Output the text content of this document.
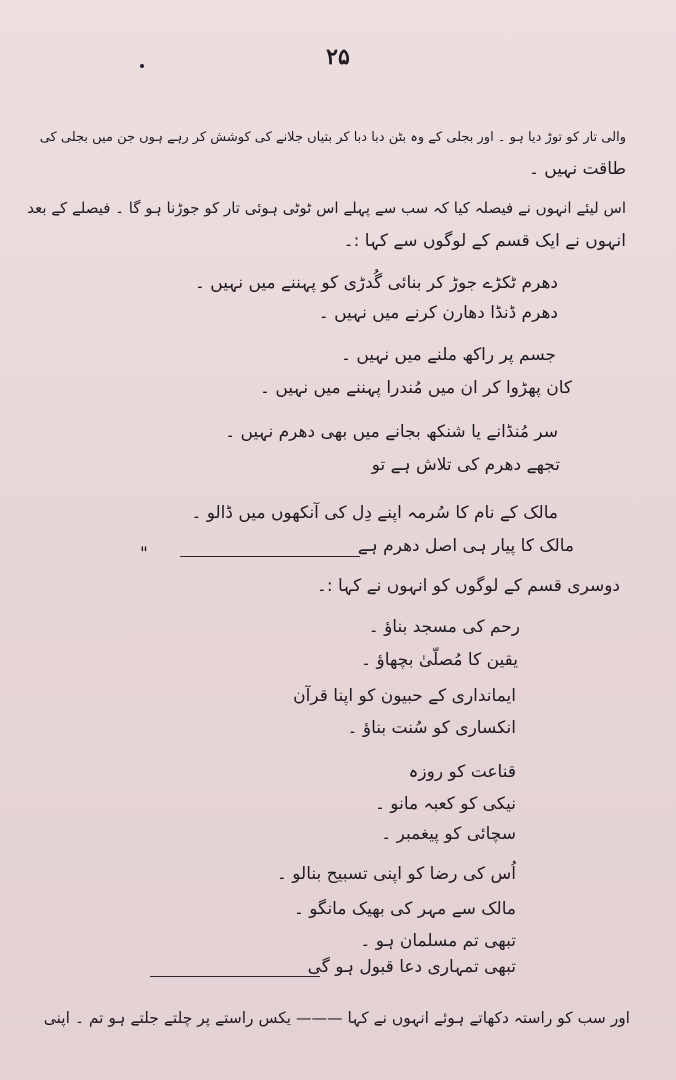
۲۵
والی تار کو توڑ دیا ہو ۔ اور بجلی کے وہ بٹن دبا دبا کر بتیاں جلانے کی کوشش کر رہے ہوں جن میں بجلی کی
طاقت نہیں ۔
اس لیئے انہوں نے فیصلہ کیا کہ سب سے پہلے اس ٹوٹی ہوئی تار کو جوڑنا ہو گا ۔ فیصلے کے بعد
انہوں نے ایک قسم کے لوگوں سے کہا :۔
دھرم ٹکڑے جوڑ کر بنائی گُدڑی کو پہننے میں نہیں ۔
دھرم ڈنڈا دھارن کرنے میں نہیں ۔
جسم پر راکھ ملنے میں نہیں ۔
کان پھڑوا کر ان میں مُندرا پہننے میں نہیں ۔
سر مُنڈانے یا شنکھ بجانے میں بھی دھرم نہیں ۔
تجھے دھرم کی تلاش ہے تو
مالک کے نام کا سُرمہ اپنے دِل کی آنکھوں میں ڈالو ۔
مالک کا پیار ہی اصل دھرم ہے
"
دوسری قسم کے لوگوں کو انہوں نے کہا :۔
رحم کی مسجد بناؤ ۔
یقین کا مُصلّیٰ بچھاؤ ۔
ایمانداری کے حبیون کو اپنا قرآن
انکساری کو سُنت بناؤ ۔
قناعت کو روزہ
نیکی کو کعبہ مانو ۔
سچائی کو پیغمبر ۔
اُس کی رضا کو اپنی تسبیح بنالو ۔
مالک سے مہر کی بھیک مانگو ۔
تبھی تم مسلمان ہو ۔
تبھی تمہاری دعا قبول ہو گی
اور سب کو راستہ دکھاتے ہوئے انہوں نے کہا ——— یکس راستے پر چلتے جلتے ہو تم ۔ اپنی
